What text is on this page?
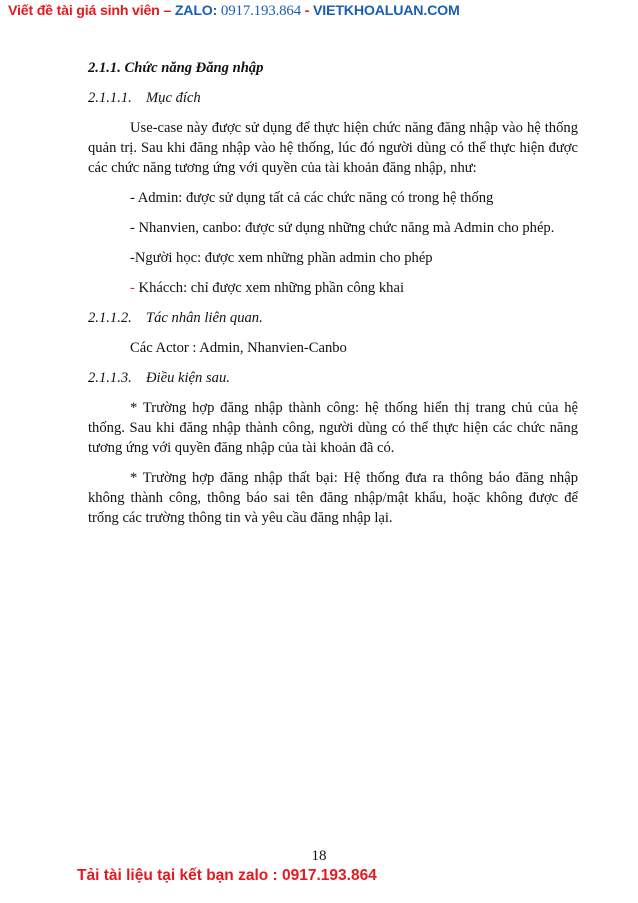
Viết đề tài giá sinh viên – ZALO: 0917.193.864 - VIETKHOALUAN.COM

2.1.1. Chức năng Đăng nhập

2.1.1.1. Mục đích

Use-case này được sử dụng để thực hiện chức năng đăng nhập vào hệ thống quản trị. Sau khi đăng nhập vào hệ thống, lúc đó người dùng có thể thực hiện được các chức năng tương ứng với quyền của tài khoản đăng nhập, như:

- Admin: được sử dụng tất cả các chức năng có trong hệ thống

- Nhanvien, canbo: được sử dụng những chức năng mà Admin cho phép.

-Người học: được xem những phần admin cho phép

- Khácch: chỉ được xem những phần công khai

2.1.1.2. Tác nhân liên quan.

Các Actor : Admin, Nhanvien-Canbo

2.1.1.3. Điều kiện sau.

* Trường hợp đăng nhập thành công: hệ thống hiển thị trang chủ của hệ thống. Sau khi đăng nhập thành công, người dùng có thể thực hiện các chức năng tương ứng với quyền đăng nhập của tài khoản đã có.

* Trường hợp đăng nhập thất bại: Hệ thống đưa ra thông báo đăng nhập không thành công, thông báo sai tên đăng nhập/mật khẩu, hoặc không được để trống các trường thông tin và yêu cầu đăng nhập lại.

18
Tải tài liệu tại kết bạn zalo : 0917.193.864
